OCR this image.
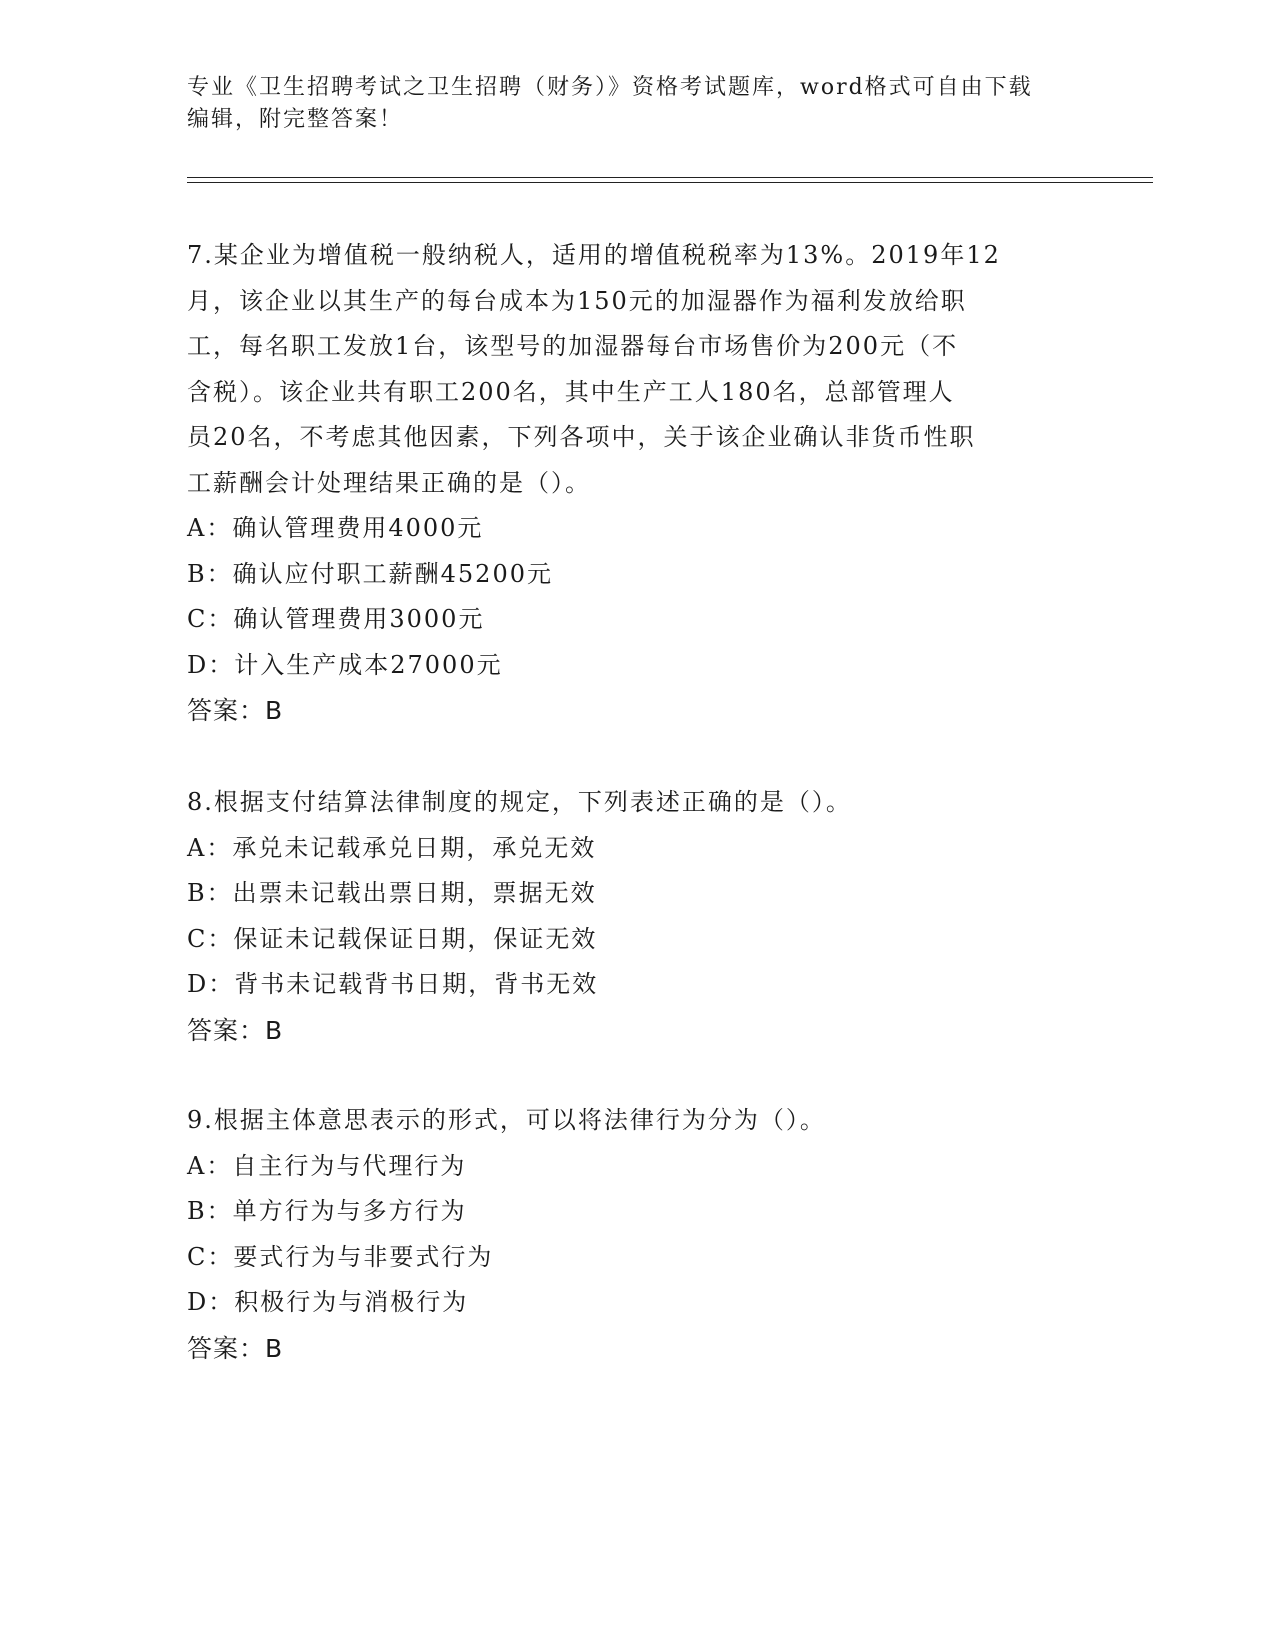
专业《卫生招聘考试之卫生招聘（财务）》资格考试题库，word格式可自由下载
编辑，附完整答案！

7.某企业为增值税一般纳税人，适用的增值税税率为13%。2019年12

月，该企业以其生产的每台成本为150元的加湿器作为福利发放给职

工，每名职工发放1台，该型号的加湿器每台市场售价为200元（不

含税）。该企业共有职工200名，其中生产工人180名，总部管理人

员20名，不考虑其他因素，下列各项中，关于该企业确认非货币性职

工薪酬会计处理结果正确的是（）。

A：确认管理费用4000元

B：确认应付职工薪酬45200元

C：确认管理费用3000元

D：计入生产成本27000元

答案：B

8.根据支付结算法律制度的规定，下列表述正确的是（）。

A：承兑未记载承兑日期，承兑无效

B：出票未记载出票日期，票据无效

C：保证未记载保证日期，保证无效

D：背书未记载背书日期，背书无效

答案：B

9.根据主体意思表示的形式，可以将法律行为分为（）。

A：自主行为与代理行为

B：单方行为与多方行为

C：要式行为与非要式行为

D：积极行为与消极行为

答案：B
